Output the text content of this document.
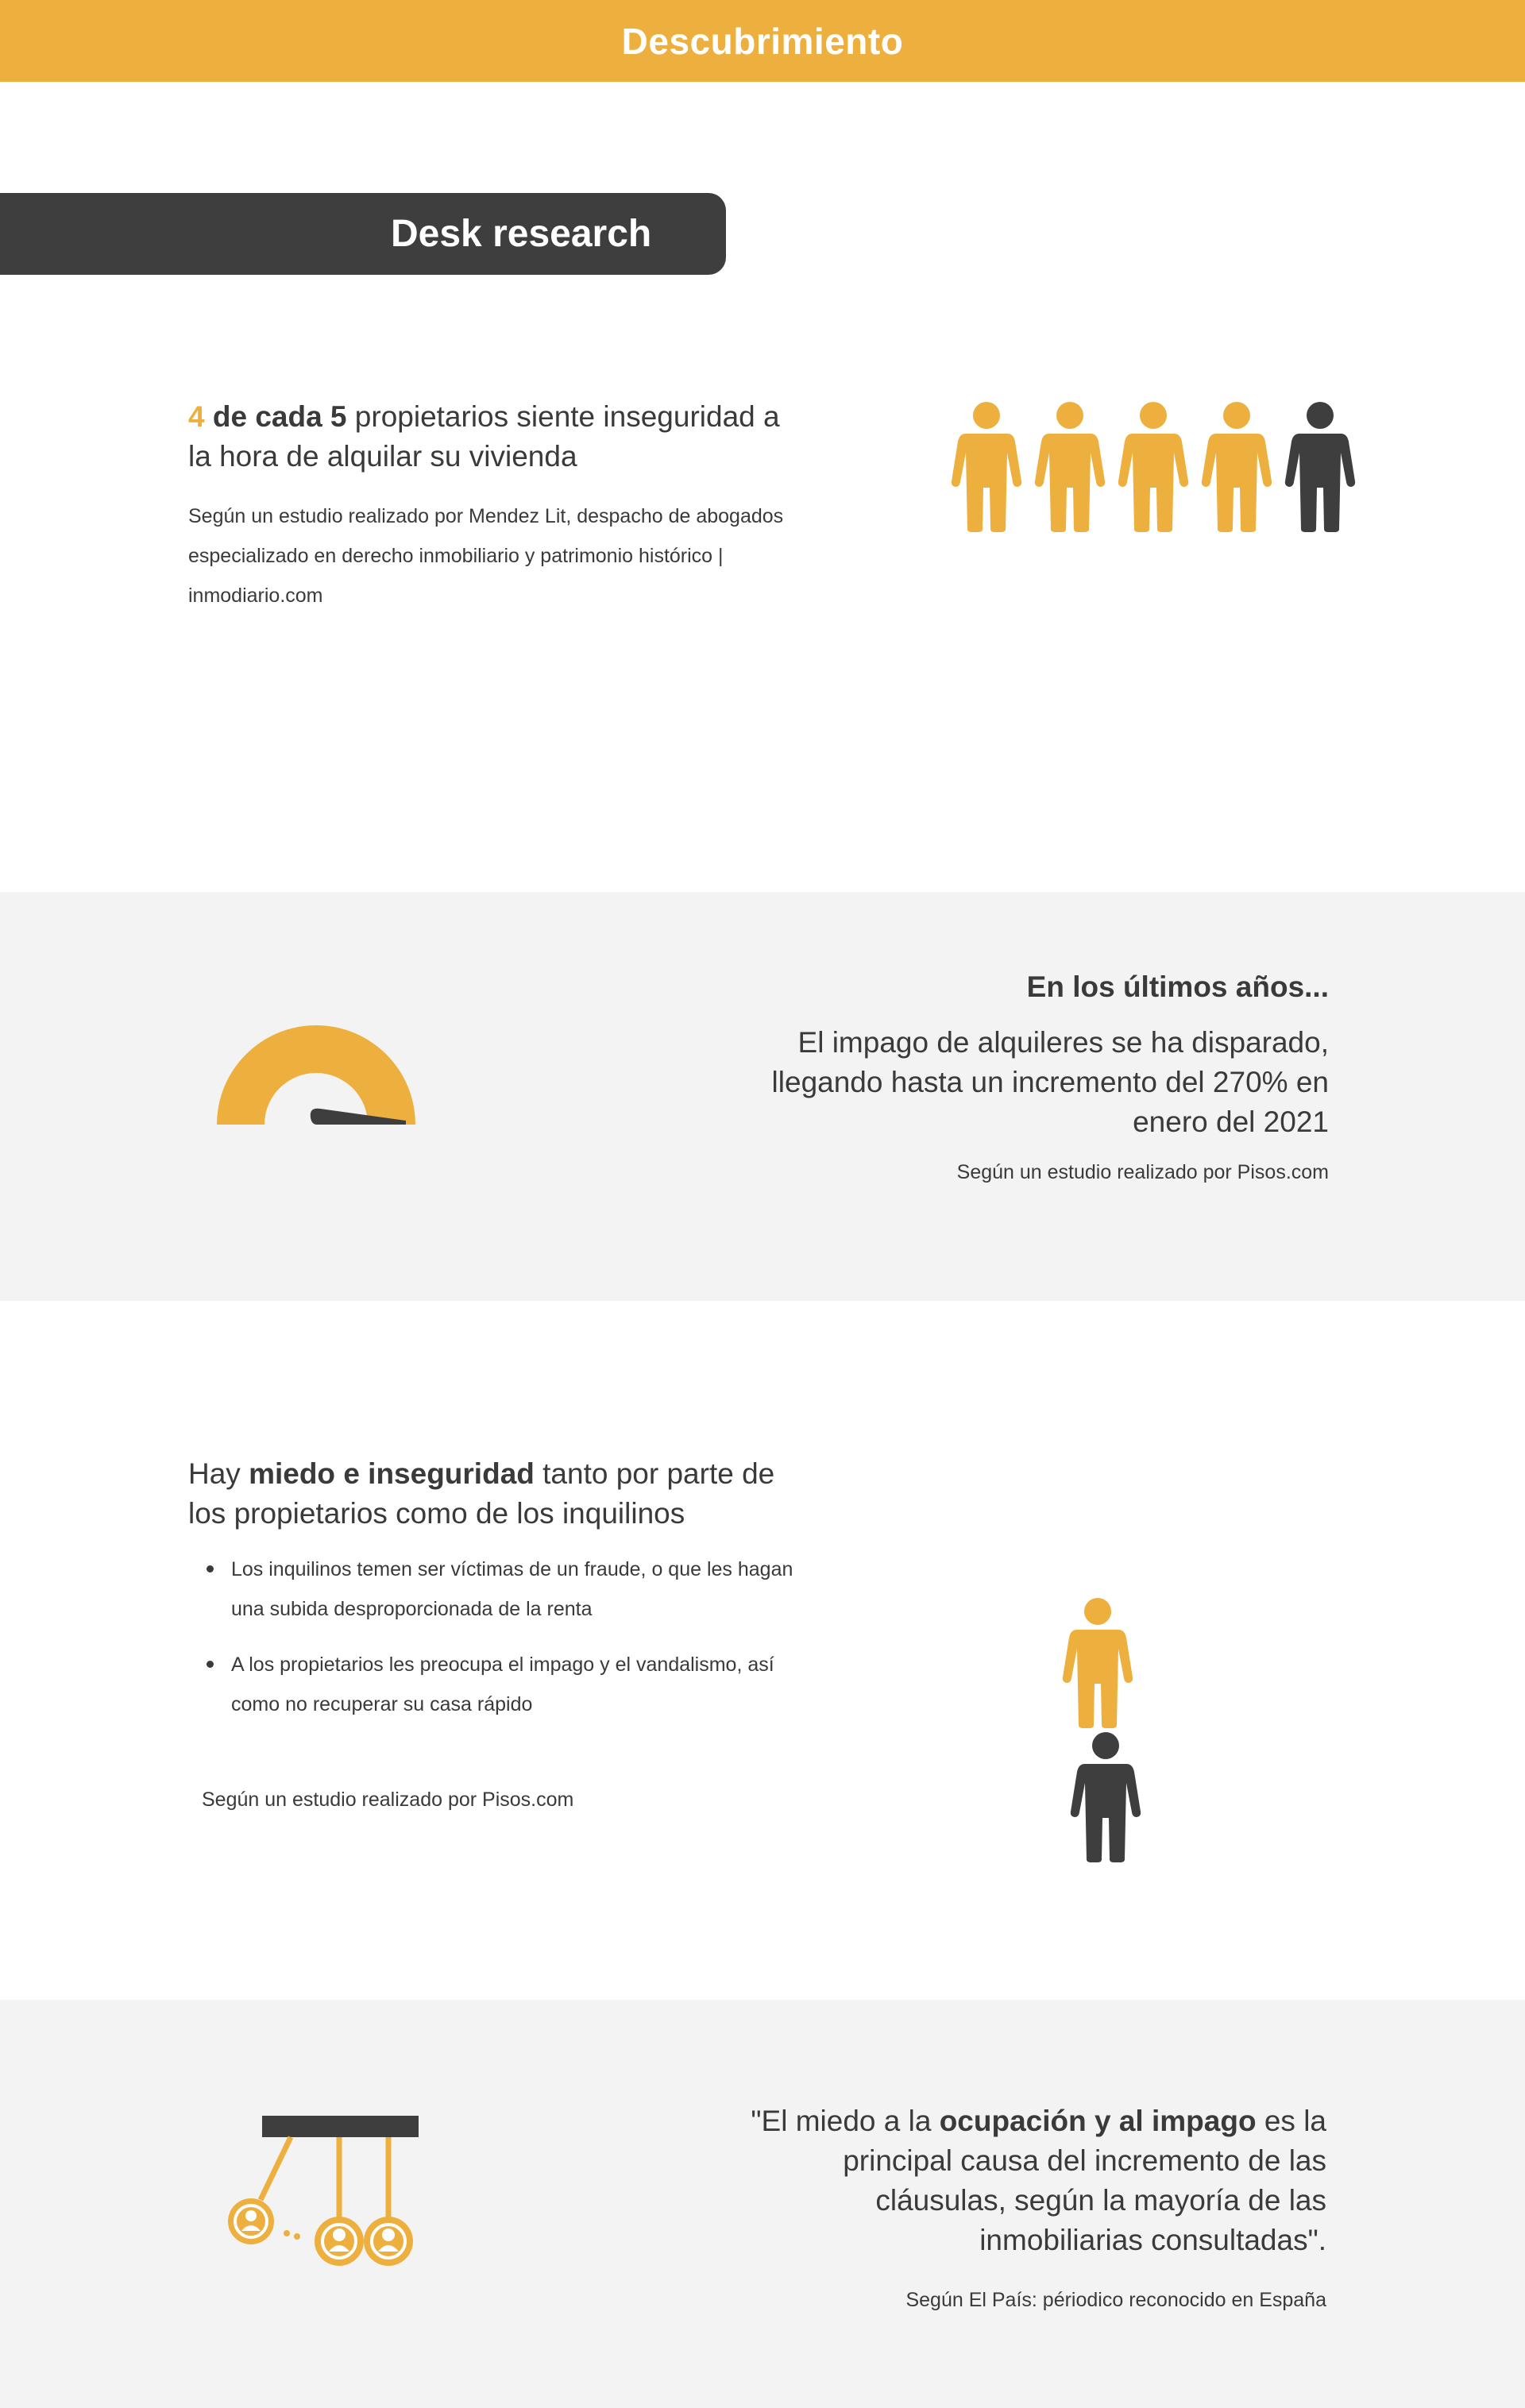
Descubrimiento
Desk research

4 de cada 5 propietarios siente inseguridad a la hora de alquilar su vivienda

Según un estudio realizado por Mendez Lit, despacho de abogados especializado en derecho inmobiliario y patrimonio histórico | inmodiario.com

En los últimos años...

El impago de alquileres se ha disparado, llegando hasta un incremento del 270% en enero del 2021

Según un estudio realizado por Pisos.com

Hay miedo e inseguridad tanto por parte de los propietarios como de los inquilinos

Los inquilinos temen ser víctimas de un fraude, o que les hagan una subida desproporcionada de la renta
A los propietarios les preocupa el impago y el vandalismo, así como no recuperar su casa rápido

Según un estudio realizado por Pisos.com

"El miedo a la ocupación y al impago es la principal causa del incremento de las cláusulas, según la mayoría de las inmobiliarias consultadas".

Según El País: périodico reconocido en España
